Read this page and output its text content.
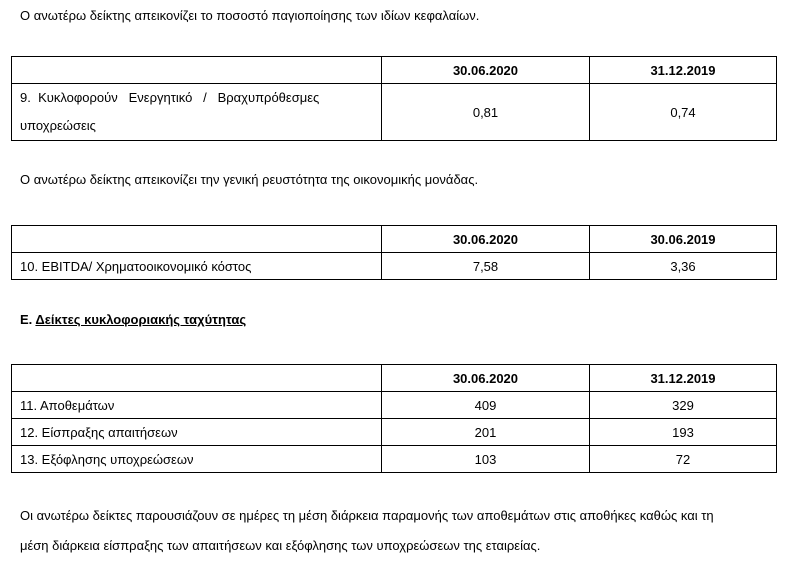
Ο ανωτέρω δείκτης απεικονίζει το ποσοστό παγιοποίησης των ιδίων κεφαλαίων.
	30.06.2020	31.12.2019

9.  Κυκλοφορούν   Ενεργητικό   /   Βραχυπρόθεσμες
υποχρεώσεις	0,81	0,74
Ο ανωτέρω δείκτης απεικονίζει την γενική ρευστότητα της οικονομικής μονάδας.
	30.06.2020	30.06.2019
10. EBITDA/ Χρηματοοικονομικό κόστος	7,58	3,36
Ε. Δείκτες κυκλοφοριακής ταχύτητας
	30.06.2020	31.12.2019
11. Αποθεμάτων	409	329
12. Είσπραξης απαιτήσεων	201	193
13. Εξόφλησης υποχρεώσεων	103	72
Οι ανωτέρω δείκτες παρουσιάζουν σε ημέρες τη μέση διάρκεια παραμονής των αποθεμάτων στις αποθήκες καθώς και τη
μέση διάρκεια είσπραξης των απαιτήσεων και εξόφλησης των υποχρεώσεων της εταιρείας.
